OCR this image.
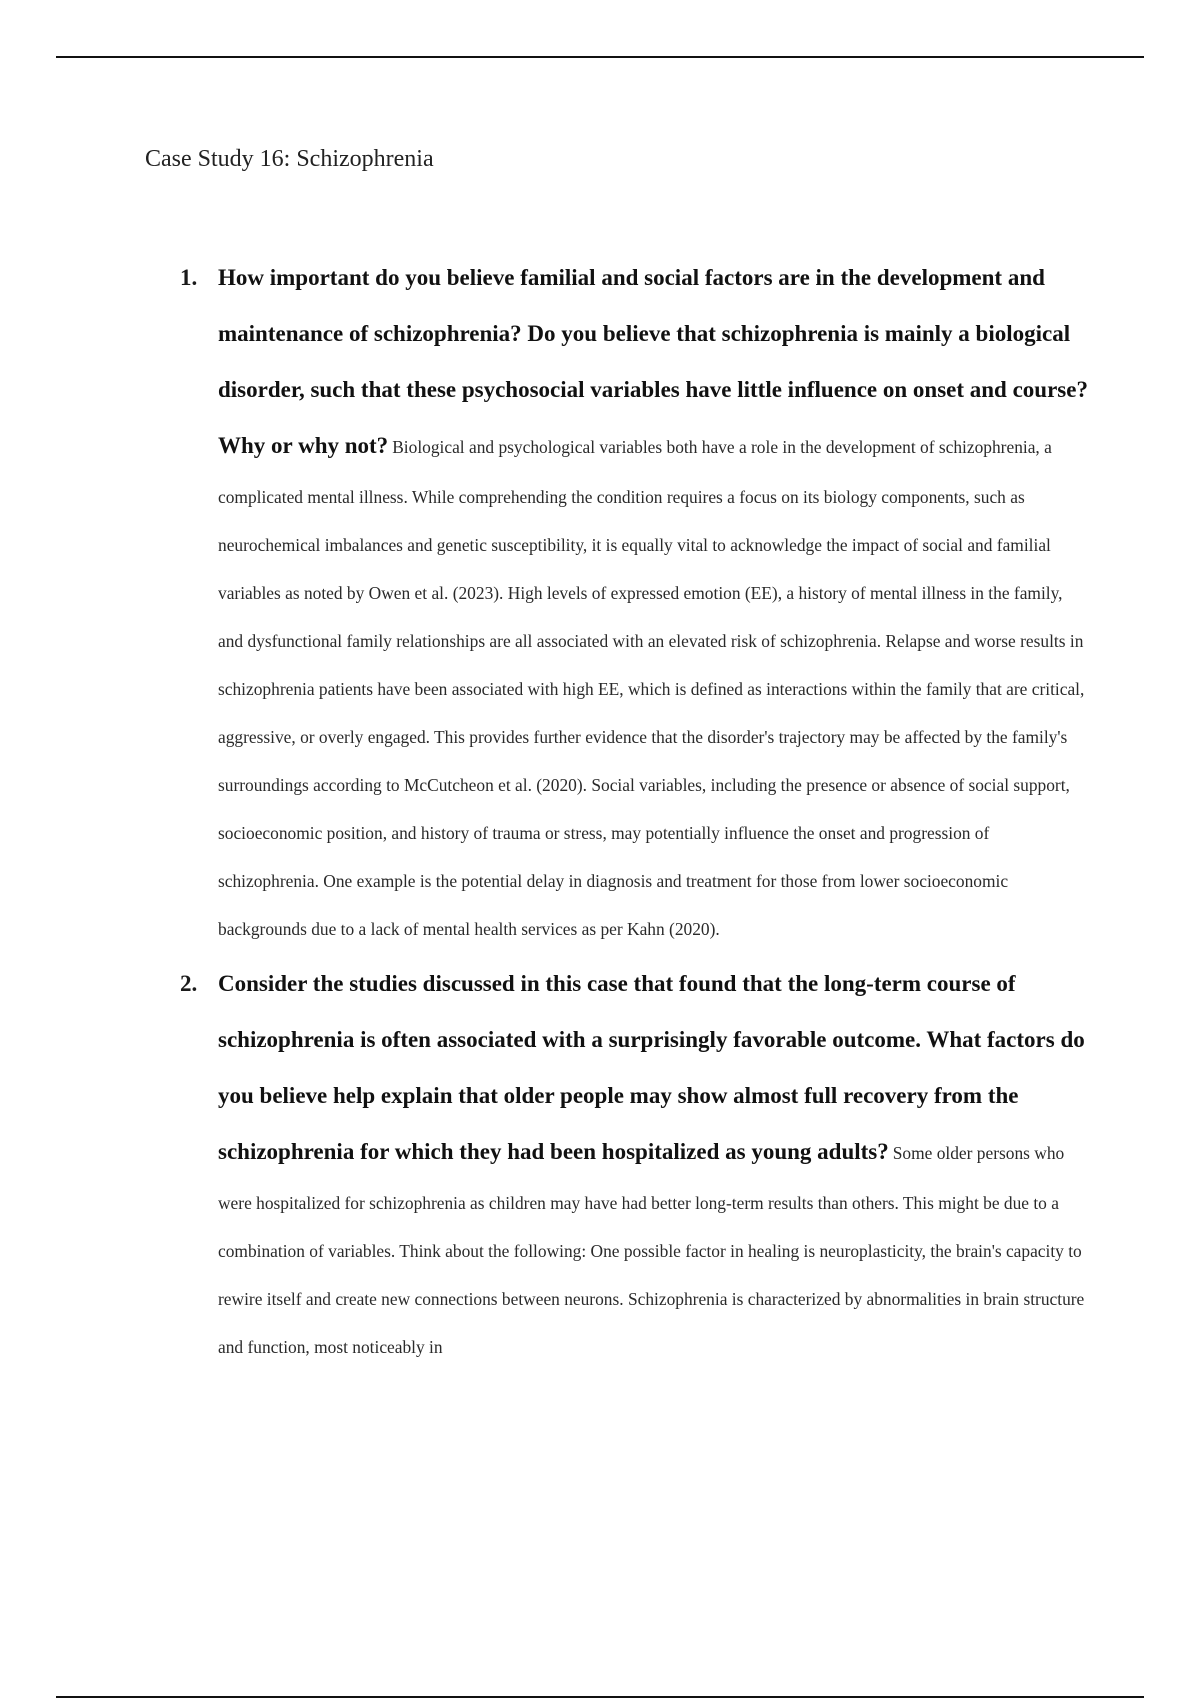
Case Study 16: Schizophrenia
1. How important do you believe familial and social factors are in the development and maintenance of schizophrenia? Do you believe that schizophrenia is mainly a biological disorder, such that these psychosocial variables have little influence on onset and course? Why or why not? Biological and psychological variables both have a role in the development of schizophrenia, a complicated mental illness. While comprehending the condition requires a focus on its biology components, such as neurochemical imbalances and genetic susceptibility, it is equally vital to acknowledge the impact of social and familial variables as noted by Owen et al. (2023). High levels of expressed emotion (EE), a history of mental illness in the family, and dysfunctional family relationships are all associated with an elevated risk of schizophrenia. Relapse and worse results in schizophrenia patients have been associated with high EE, which is defined as interactions within the family that are critical, aggressive, or overly engaged. This provides further evidence that the disorder's trajectory may be affected by the family's surroundings according to McCutcheon et al. (2020). Social variables, including the presence or absence of social support, socioeconomic position, and history of trauma or stress, may potentially influence the onset and progression of schizophrenia. One example is the potential delay in diagnosis and treatment for those from lower socioeconomic backgrounds due to a lack of mental health services as per Kahn (2020).

2. Consider the studies discussed in this case that found that the long-term course of schizophrenia is often associated with a surprisingly favorable outcome. What factors do you believe help explain that older people may show almost full recovery from the schizophrenia for which they had been hospitalized as young adults? Some older persons who were hospitalized for schizophrenia as children may have had better long-term results than others. This might be due to a combination of variables. Think about the following: One possible factor in healing is neuroplasticity, the brain's capacity to rewire itself and create new connections between neurons. Schizophrenia is characterized by abnormalities in brain structure and function, most noticeably in
